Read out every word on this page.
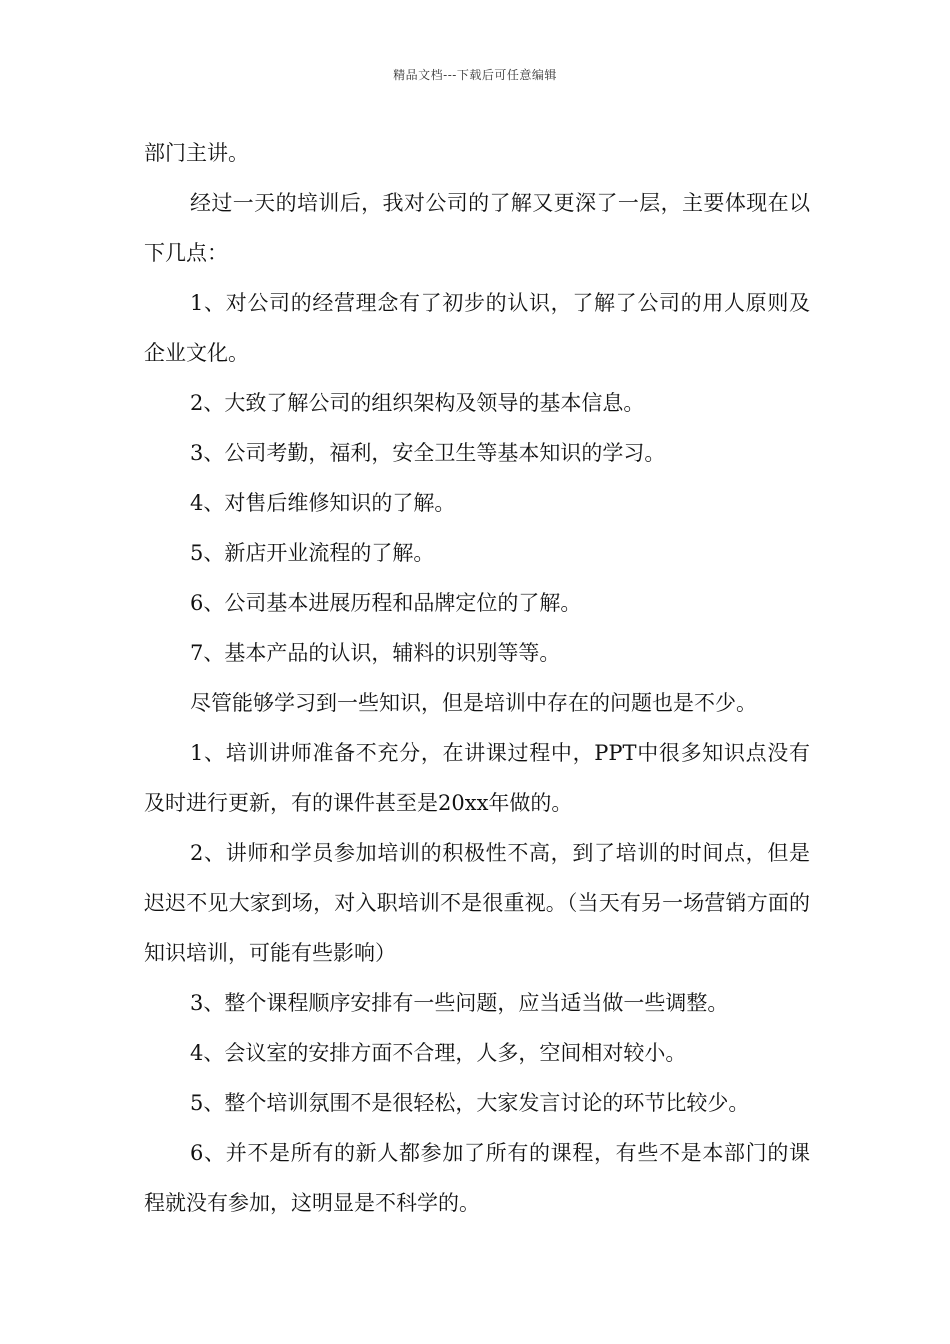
精品文档---下载后可任意编辑

部门主讲。

经过一天的培训后，我对公司的了解又更深了一层，主要体现在以下几点：

1、对公司的经营理念有了初步的认识，了解了公司的用人原则及企业文化。

2、大致了解公司的组织架构及领导的基本信息。

3、公司考勤，福利，安全卫生等基本知识的学习。

4、对售后维修知识的了解。

5、新店开业流程的了解。

6、公司基本进展历程和品牌定位的了解。

7、基本产品的认识，辅料的识别等等。

尽管能够学习到一些知识，但是培训中存在的问题也是不少。

1、培训讲师准备不充分，在讲课过程中，PPT中很多知识点没有及时进行更新，有的课件甚至是20xx年做的。

2、讲师和学员参加培训的积极性不高，到了培训的时间点，但是迟迟不见大家到场，对入职培训不是很重视。（当天有另一场营销方面的知识培训，可能有些影响）

3、整个课程顺序安排有一些问题，应当适当做一些调整。

4、会议室的安排方面不合理，人多，空间相对较小。

5、整个培训氛围不是很轻松，大家发言讨论的环节比较少。

6、并不是所有的新人都参加了所有的课程，有些不是本部门的课程就没有参加，这明显是不科学的。
